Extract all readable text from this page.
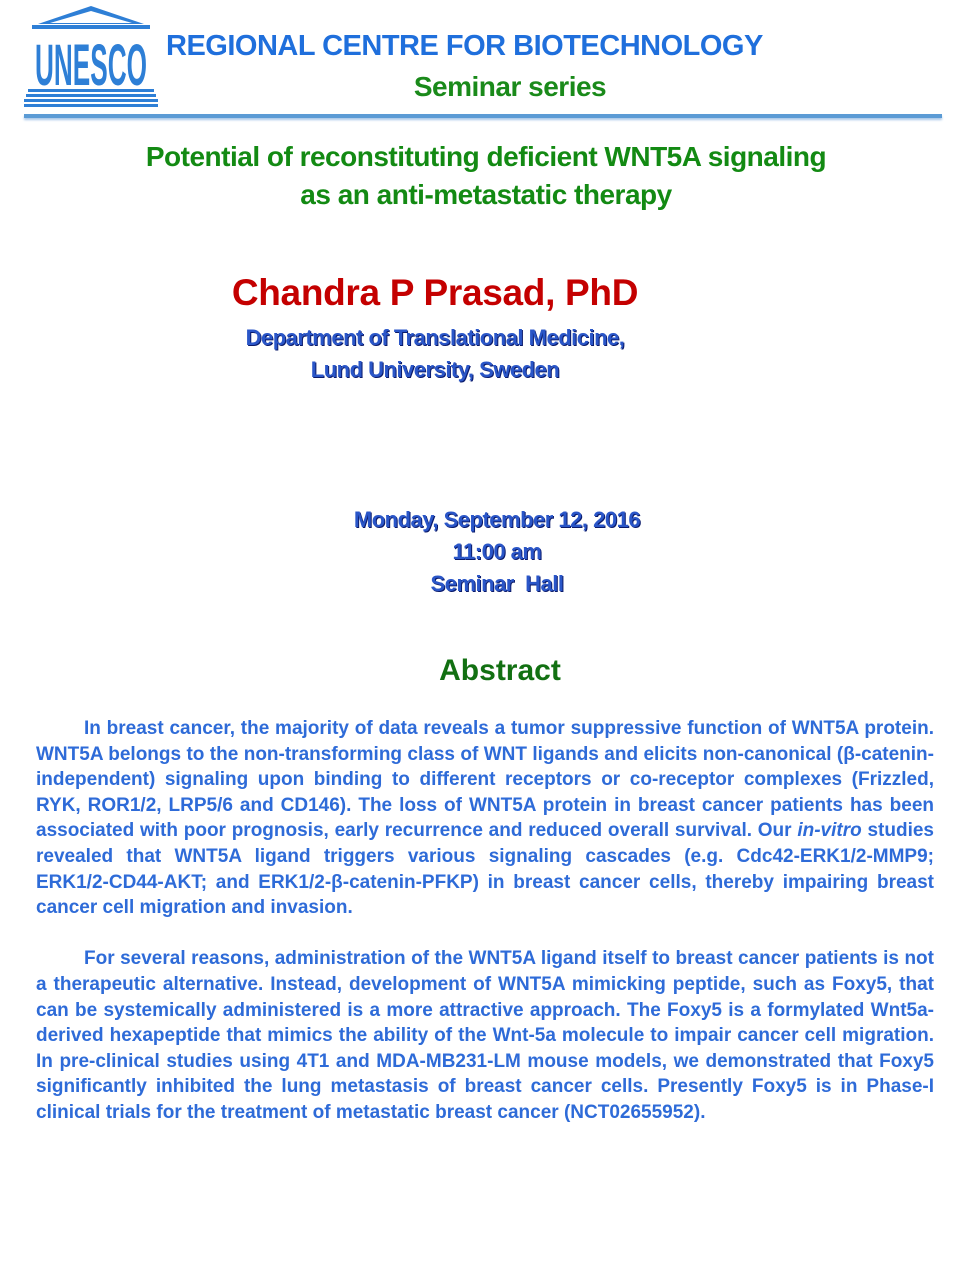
UNESCO REGIONAL CENTRE FOR BIOTECHNOLOGY
Seminar series
Potential of reconstituting deficient WNT5A signaling
as an anti-metastatic therapy
Chandra P Prasad, PhD
Department of Translational Medicine,
Lund University, Sweden
Monday, September 12, 2016
11:00 am
Seminar  Hall
Abstract

In breast cancer, the majority of data reveals a tumor suppressive function of WNT5A protein. WNT5A belongs to the non-transforming class of WNT ligands and elicits non-canonical (β-catenin-independent) signaling upon binding to different receptors or co-receptor complexes (Frizzled, RYK, ROR1/2, LRP5/6 and CD146). The loss of WNT5A protein in breast cancer patients has been associated with poor prognosis, early recurrence and reduced overall survival. Our in-vitro studies revealed that WNT5A ligand triggers various signaling cascades (e.g. Cdc42-ERK1/2-MMP9; ERK1/2-CD44-AKT; and ERK1/2-β-catenin-PFKP) in breast cancer cells, thereby impairing breast cancer cell migration and invasion.

For several reasons, administration of the WNT5A ligand itself to breast cancer patients is not a therapeutic alternative. Instead, development of WNT5A mimicking peptide, such as Foxy5, that can be systemically administered is a more attractive approach. The Foxy5 is a formylated Wnt5a-derived hexapeptide that mimics the ability of the Wnt-5a molecule to impair cancer cell migration. In pre-clinical studies using 4T1 and MDA-MB231-LM mouse models, we demonstrated that Foxy5 significantly inhibited the lung metastasis of breast cancer cells. Presently Foxy5 is in Phase-I clinical trials for the treatment of metastatic breast cancer (NCT02655952).
